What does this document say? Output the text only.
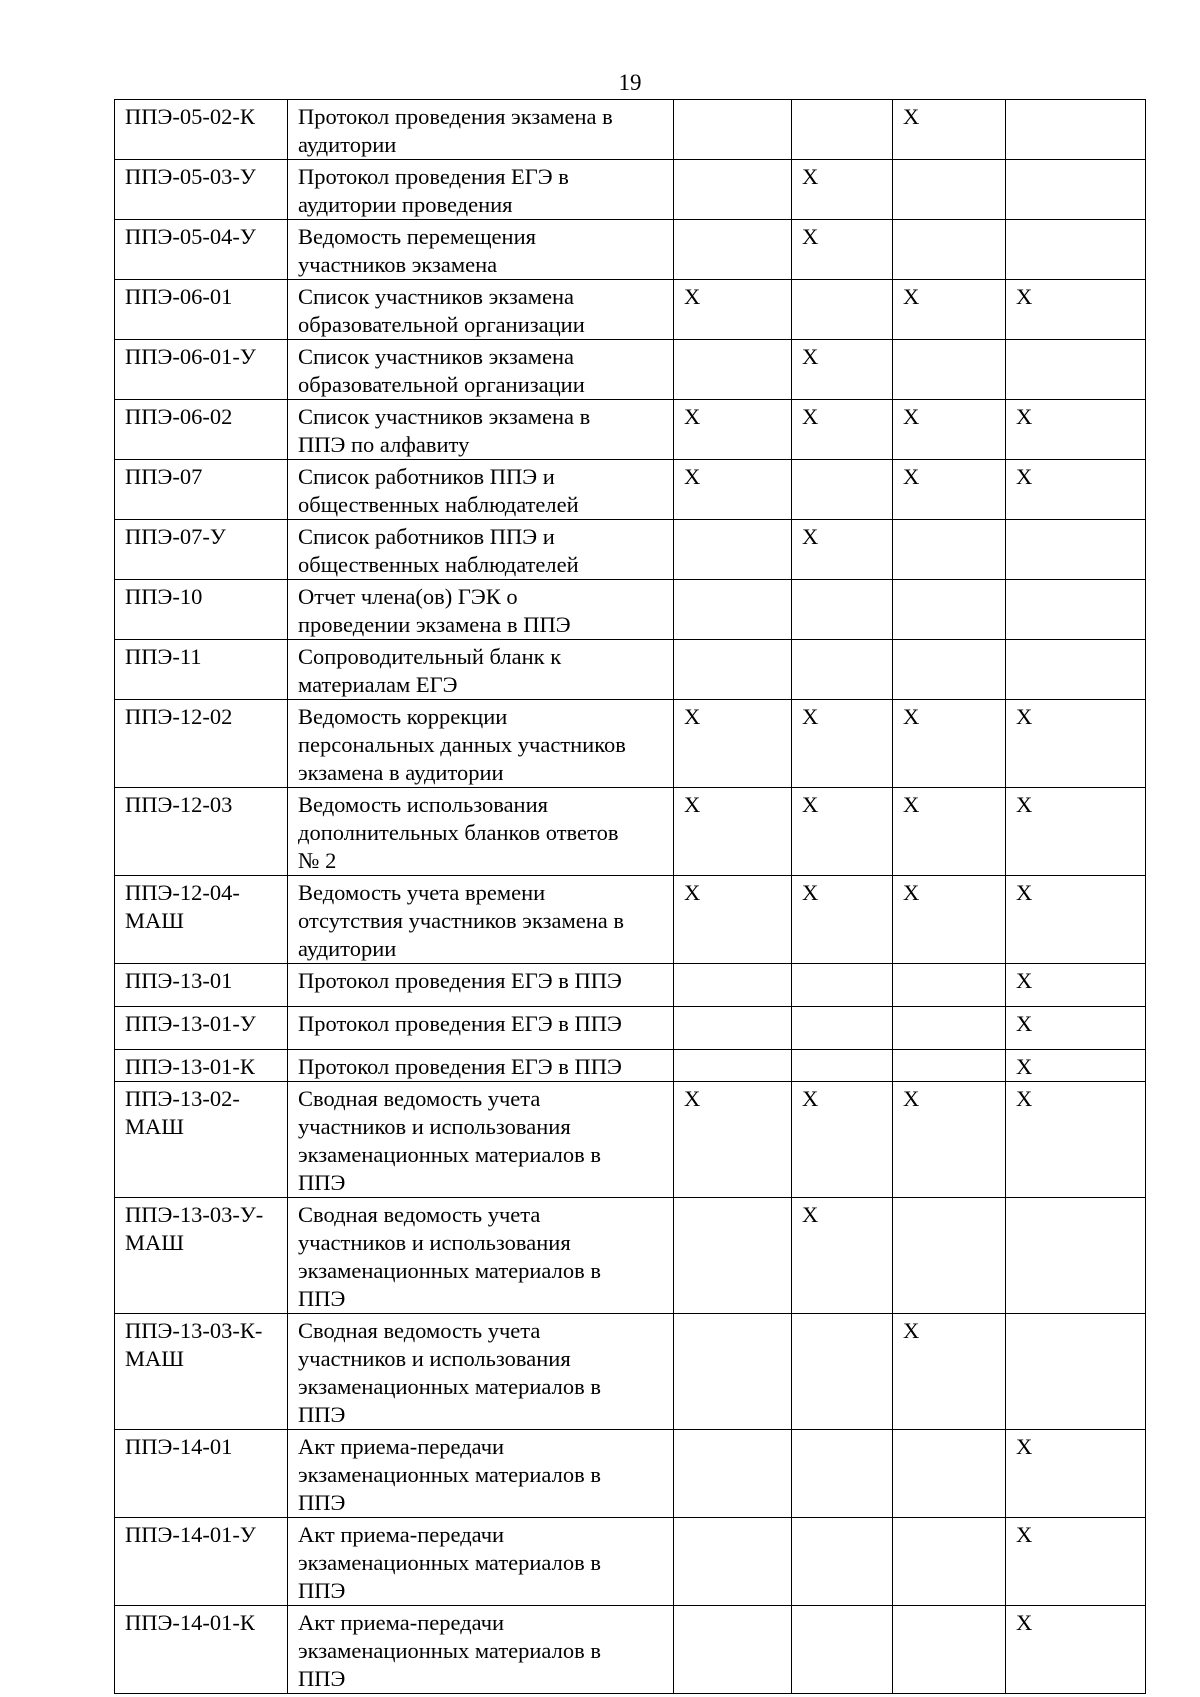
19
ППЭ-05-02-К	Протокол проведения экзамена в
аудитории			X	
ППЭ-05-03-У	Протокол проведения ЕГЭ в
аудитории проведения		X		
ППЭ-05-04-У	Ведомость перемещения
участников экзамена		X		
ППЭ-06-01	Список участников экзамена
образовательной организации	X		X	X
ППЭ-06-01-У	Список участников экзамена
образовательной организации		X		
ППЭ-06-02	Список участников экзамена в
ППЭ по алфавиту	X	X	X	X
ППЭ-07	Список работников ППЭ и
общественных наблюдателей	X		X	X
ППЭ-07-У	Список работников ППЭ и
общественных наблюдателей		X		
ППЭ-10	Отчет члена(ов) ГЭК о
проведении экзамена в ППЭ				
ППЭ-11	Сопроводительный бланк к
материалам ЕГЭ				
ППЭ-12-02	Ведомость коррекции
персональных данных участников
экзамена в аудитории	X	X	X	X
ППЭ-12-03	Ведомость использования
дополнительных бланков ответов
№ 2	X	X	X	X
ППЭ-12-04-
МАШ	Ведомость учета времени
отсутствия участников экзамена в
аудитории	X	X	X	X
ППЭ-13-01	Протокол проведения ЕГЭ в ППЭ				X
ППЭ-13-01-У	Протокол проведения ЕГЭ в ППЭ				X
ППЭ-13-01-К	Протокол проведения ЕГЭ в ППЭ				X
ППЭ-13-02-
МАШ	Сводная ведомость учета
участников и использования
экзаменационных материалов в
ППЭ	X	X	X	X
ППЭ-13-03-У-
МАШ	Сводная ведомость учета
участников и использования
экзаменационных материалов в
ППЭ		X		
ППЭ-13-03-К-
МАШ	Сводная ведомость учета
участников и использования
экзаменационных материалов в
ППЭ			X	
ППЭ-14-01	Акт приема-передачи
экзаменационных материалов в
ППЭ				X
ППЭ-14-01-У	Акт приема-передачи
экзаменационных материалов в
ППЭ				X
ППЭ-14-01-К	Акт приема-передачи
экзаменационных материалов в
ППЭ				X
